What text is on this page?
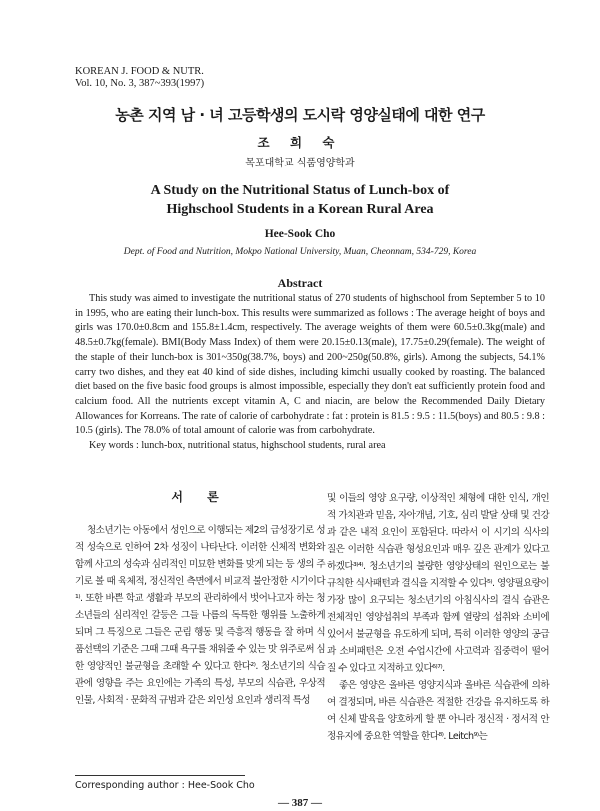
KOREAN J. FOOD & NUTR.
Vol. 10, No. 3, 387~393(1997)
농촌 지역 남 · 녀 고등학생의 도시락 영양실태에 대한 연구
조 희 숙
목포대학교 식품영양학과
A Study on the Nutritional Status of Lunch-box of
Highschool Students in a Korean Rural Area
Hee-Sook Cho
Dept. of Food and Nutrition, Mokpo National University, Muan, Cheonnam, 534-729, Korea
Abstract

This study was aimed to investigate the nutritional status of 270 students of highschool from September 5 to 10 in 1995, who are eating their lunch-box. This results were summarized as follows : The average height of boys and girls was 170.0±0.8cm and 155.8±1.4cm, respectively. The average weights of them were 60.5±0.3kg(male) and 48.5±0.7kg(female). BMI(Body Mass Index) of them were 20.15±0.13(male), 17.75±0.29(female). The weight of the staple of their lunch-box is 301~350g(38.7%, boys) and 200~250g(50.8%, girls). Among the subjects, 54.1% carry two dishes, and they eat 40 kind of side dishes, including kimchi usually cooked by roasting. The balanced diet based on the five basic food groups is almost impossible, especially they don't eat sufficiently protein food and calcium food. All the nutrients except vitamin A, C and niacin, are below the Recommended Daily Dietary Allowances for Korreans. The rate of calorie of carbohydrate : fat : protein is 81.5 : 9.5 : 11.5(boys) and 80.5 : 9.8 : 10.5 (girls). The 78.0% of total amount of calorie was from carbohydrate.

Key words : lunch-box, nutritional status, highschool students, rural area

서 론

청소년기는 아동에서 성인으로 이행되는 제2의 급성장기로 성적 성숙으로 인하여 2차 성징이 나타난다. 이러한 신체적 변화와 함께 사고의 성숙과 심리적인 미묘한 변화를 맞게 되는 등 생의 주기로 볼 때 육체적, 정신적인 측면에서 비교적 불안정한 시기이다¹⁾. 또한 바쁜 학교 생활과 부모의 관리하에서 벗어나고자 하는 청소년들의 심리적인 갈등은 그들 나름의 독특한 행위를 노출하게 되며 그 특징으로 그들은 군림 행동 및 즉흥적 행동을 잘 하며 식품선택의 기준은 그때 그때 욕구를 채워줄 수 있는 맛 위주로써 심한 영양적인 불균형을 초래할 수 있다고 한다²⁾. 청소년기의 식습관에 영향을 주는 요인에는 가족의 특성, 부모의 식습관, 우상적 인물, 사회적 · 문화적 규범과 같은 외인성 요인과 생리적 특성

및 이들의 영양 요구량, 이상적인 체형에 대한 인식, 개인적 가치관과 믿음, 자아개념, 기호, 심리 발달 상태 및 건강과 같은 내적 요인이 포함된다. 따라서 이 시기의 식사의 질은 이러한 식습관 형성요인과 매우 깊은 관계가 있다고 하겠다³⁾⁴⁾. 청소년기의 불량한 영양상태의 원인으로는 불규칙한 식사패턴과 결식을 지적할 수 있다⁵⁾. 영양필요량이 가장 많이 요구되는 청소년기의 아침식사의 결식 습관은 전체적인 영양섭취의 부족과 함께 열량의 섭취와 소비에 있어서 불균형을 유도하게 되며, 특히 이러한 영양의 공급과 소비패턴은 오전 수업시간에 사고력과 집중력이 떨어질 수 있다고 지적하고 있다⁶⁾⁷⁾.

좋은 영양은 올바른 영양지식과 올바른 식습관에 의하여 결정되며, 바른 식습관은 적절한 건강을 유지하도록 하여 신체 발육을 양호하게 할 뿐 아니라 정신적 · 정서적 안정유지에 중요한 역할을 한다⁸⁾. Leitch⁹⁾는

Corresponding author : Hee-Sook Cho
— 387 —
